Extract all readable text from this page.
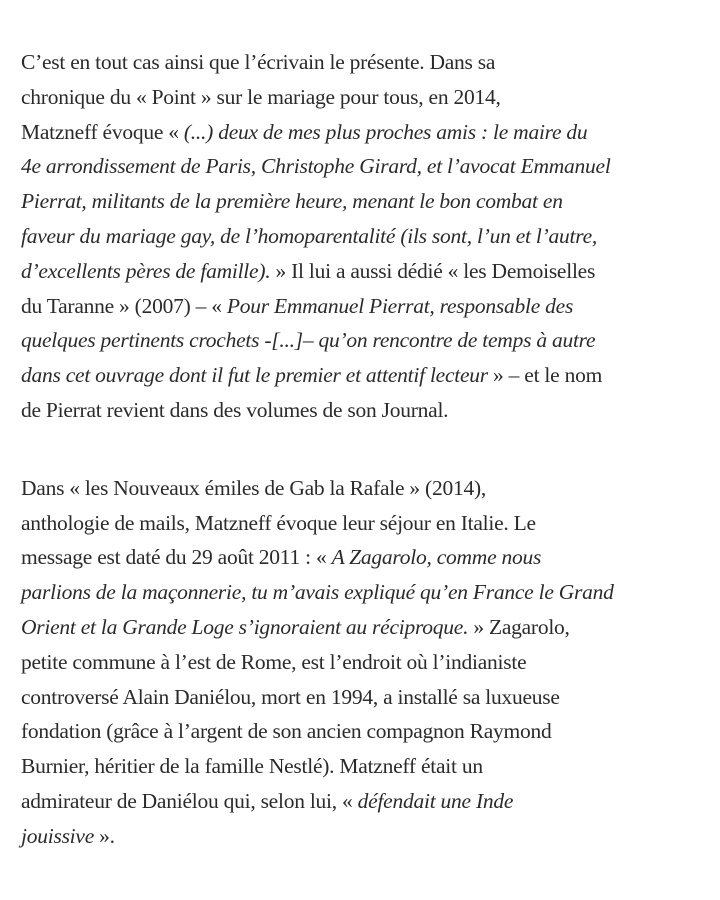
C’est en tout cas ainsi que l’écrivain le présente. Dans sa
chronique du « Point » sur le mariage pour tous, en 2014,
Matzneff évoque « (...) deux de mes plus proches amis : le maire du
4e arrondissement de Paris, Christophe Girard, et l’avocat Emmanuel
Pierrat, militants de la première heure, menant le bon combat en
faveur du mariage gay, de l’homoparentalité (ils sont, l’un et l’autre,
d’excellents pères de famille). » Il lui a aussi dédié « les Demoiselles
du Taranne » (2007) – « Pour Emmanuel Pierrat, responsable des
quelques pertinents crochets -[...]– qu’on rencontre de temps à autre
dans cet ouvrage dont il fut le premier et attentif lecteur » – et le nom
de Pierrat revient dans des volumes de son Journal.

Dans « les Nouveaux émiles de Gab la Rafale » (2014),
anthologie de mails, Matzneff évoque leur séjour en Italie. Le
message est daté du 29 août 2011 : « A Zagarolo, comme nous
parlions de la maçonnerie, tu m’avais expliqué qu’en France le Grand
Orient et la Grande Loge s’ignoraient au réciproque. » Zagarolo,
petite commune à l’est de Rome, est l’endroit où l’indianiste
controversé Alain Daniélou, mort en 1994, a installé sa luxueuse
fondation (grâce à l’argent de son ancien compagnon Raymond
Burnier, héritier de la famille Nestlé). Matzneff était un
admirateur de Daniélou qui, selon lui, « défendait une Inde
jouissive ».
